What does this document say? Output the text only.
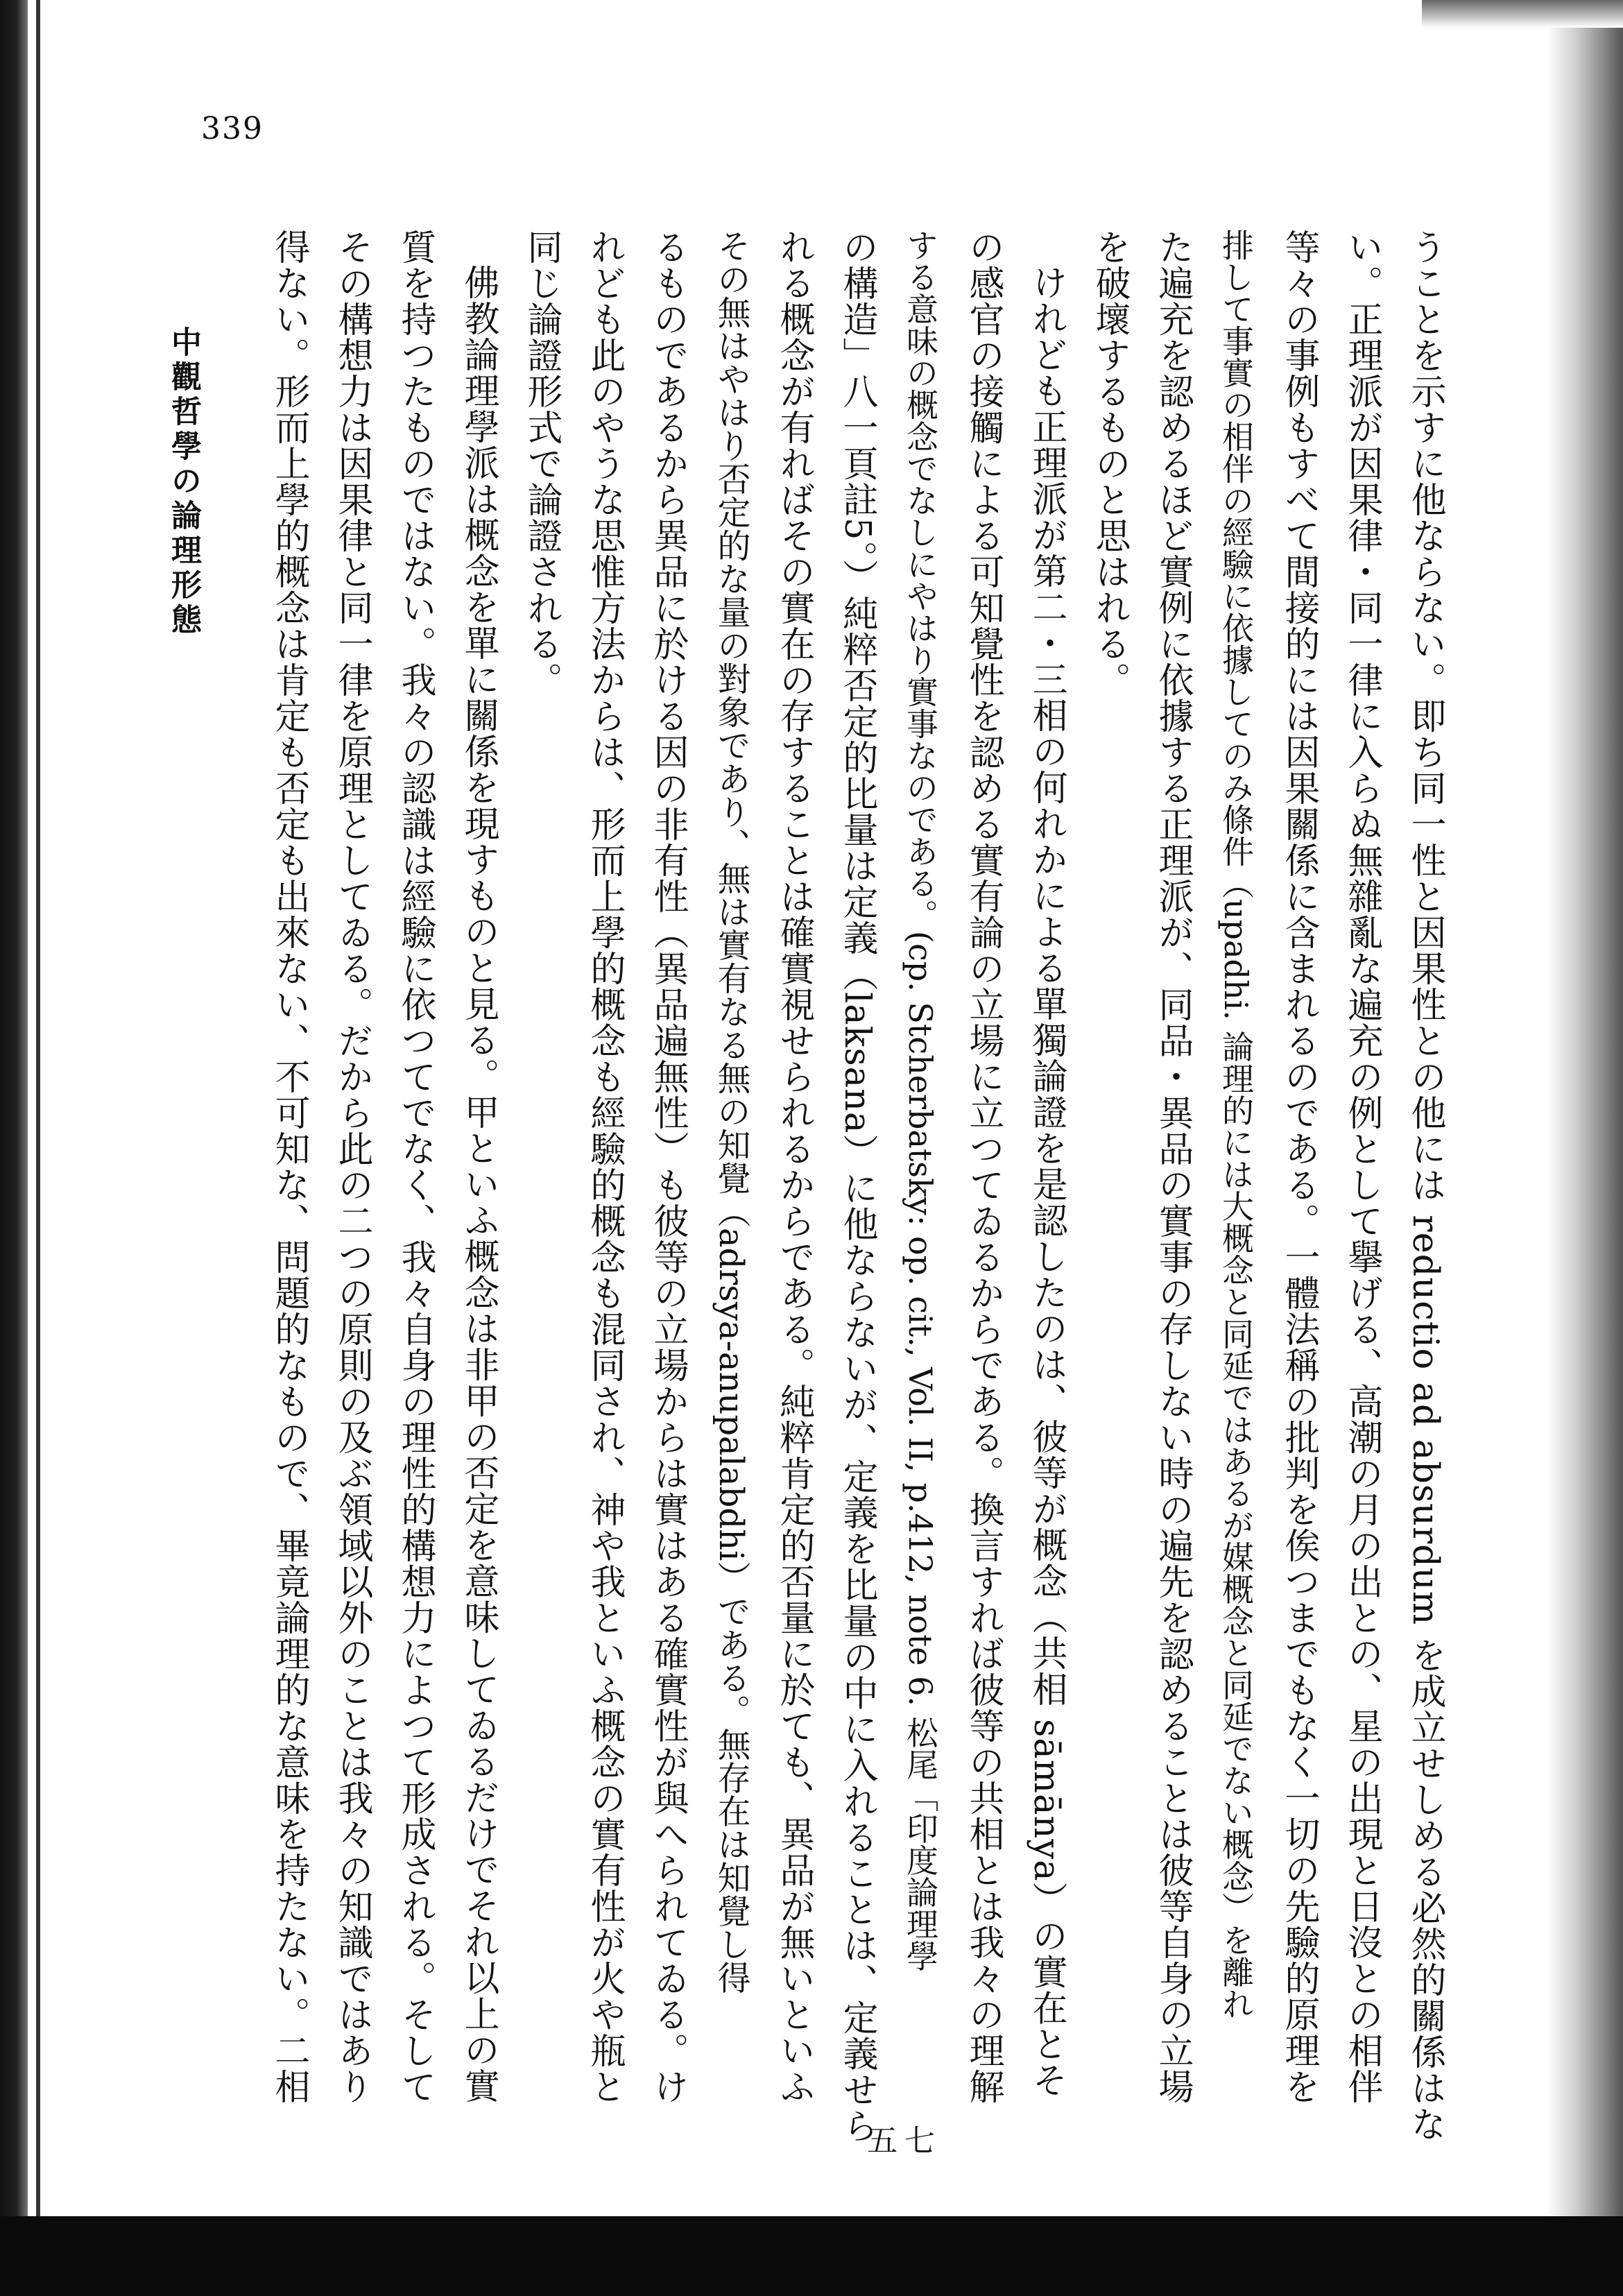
339
中觀哲學の論理形態
五七	うことを示すに他ならない。即ち同一性と因果性との他には reductio ad absurdum を成立せしめる必然的關係はな
い。正理派が因果律・同一律に入らぬ無雜亂な遍充の例として擧げる、高潮の月の出との、星の出現と日沒との相伴
等々の事例もすべて間接的には因果關係に含まれるのである。一體法稱の批判を俟つまでもなく一切の先驗的原理を
排して事實の相伴の經驗に依據してのみ條件（upadhi. 論理的には大概念と同延ではあるが媒概念と同延でない概念）を離れ
た遍充を認めるほど實例に依據する正理派が、同品・異品の實事の存しない時の遍先を認めることは彼等自身の立場
を破壞するものと思はれる。
けれども正理派が第二・三相の何れかによる單獨論證を是認したのは、彼等が概念（共相 sāmānya）の實在とそ
の感官の接觸による可知覺性を認める實有論の立場に立つてゐるからである。換言すれば彼等の共相とは我々の理解
する意味の概念でなしにやはり實事なのである。(cp. Stcherbatsky: op. cit., Vol. II, p.412, note 6. 松尾「印度論理學
の構造」八一頁註5。）純粹否定的比量は定義（laksana）に他ならないが、定義を比量の中に入れることは、定義せら
れる概念が有ればその實在の存することは確實視せられるからである。純粹肯定的否量に於ても、異品が無いといふ
その無はやはり否定的な量の對象であり、無は實有なる無の知覺（adrsya-anupalabdhi）である。無存在は知覺し得
るものであるから異品に於ける因の非有性（異品遍無性）も彼等の立場からは實はある確實性が與へられてゐる。け
れども此のやうな思惟方法からは、形而上學的概念も經驗的概念も混同され、神や我といふ概念の實有性が火や瓶と
同じ論證形式で論證される。
佛教論理學派は概念を單に關係を現すものと見る。甲といふ概念は非甲の否定を意味してゐるだけでそれ以上の實
質を持つたものではない。我々の認識は經驗に依つてでなく、我々自身の理性的構想力によつて形成される。そして
その構想力は因果律と同一律を原理としてゐる。だから此の二つの原則の及ぶ領域以外のことは我々の知識ではあり
得ない。形而上學的概念は肯定も否定も出來ない、不可知な、問題的なもので、畢竟論理的な意味を持たない。二相
